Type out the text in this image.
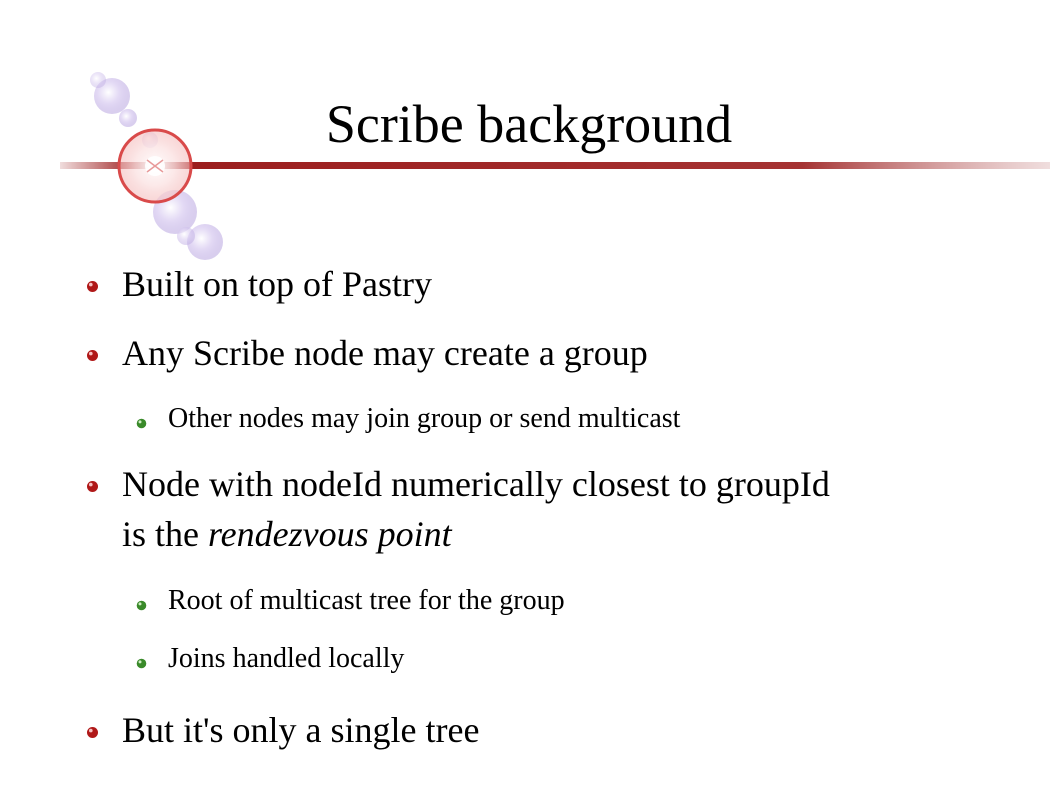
Scribe background
Built on top of Pastry
Any Scribe node may create a group
Other nodes may join group or send multicast
Node with nodeId numerically closest to groupId
is the rendezvous point
Root of multicast tree for the group
Joins handled locally
But it's only a single tree
